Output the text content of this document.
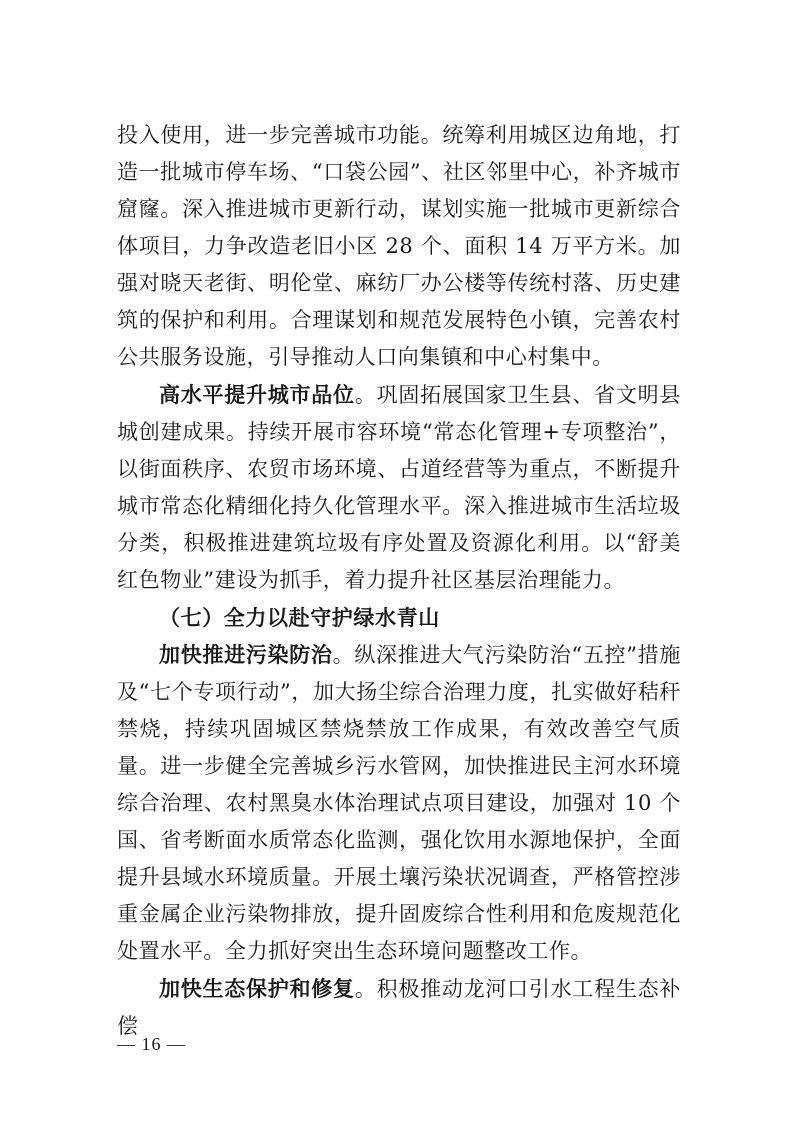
投入使用，进一步完善城市功能。统筹利用城区边角地，打造一批城市停车场、“口袋公园”、社区邻里中心，补齐城市窟窿。深入推进城市更新行动，谋划实施一批城市更新综合体项目，力争改造老旧小区 28 个、面积 14 万平方米。加强对晓天老街、明伦堂、麻纺厂办公楼等传统村落、历史建筑的保护和利用。合理谋划和规范发展特色小镇，完善农村公共服务设施，引导推动人口向集镇和中心村集中。

高水平提升城市品位。巩固拓展国家卫生县、省文明县城创建成果。持续开展市容环境“常态化管理+专项整治”，以街面秩序、农贸市场环境、占道经营等为重点，不断提升城市常态化精细化持久化管理水平。深入推进城市生活垃圾分类，积极推进建筑垃圾有序处置及资源化利用。以“舒美红色物业”建设为抓手，着力提升社区基层治理能力。

（七）全力以赴守护绿水青山

加快推进污染防治。纵深推进大气污染防治“五控”措施及“七个专项行动”，加大扬尘综合治理力度，扎实做好秸秆禁烧，持续巩固城区禁烧禁放工作成果，有效改善空气质量。进一步健全完善城乡污水管网，加快推进民主河水环境综合治理、农村黑臭水体治理试点项目建设，加强对 10 个国、省考断面水质常态化监测，强化饮用水源地保护，全面提升县域水环境质量。开展土壤污染状况调查，严格管控涉重金属企业污染物排放，提升固废综合性利用和危废规范化处置水平。全力抓好突出生态环境问题整改工作。

加快生态保护和修复。积极推动龙河口引水工程生态补偿

— 16 —
